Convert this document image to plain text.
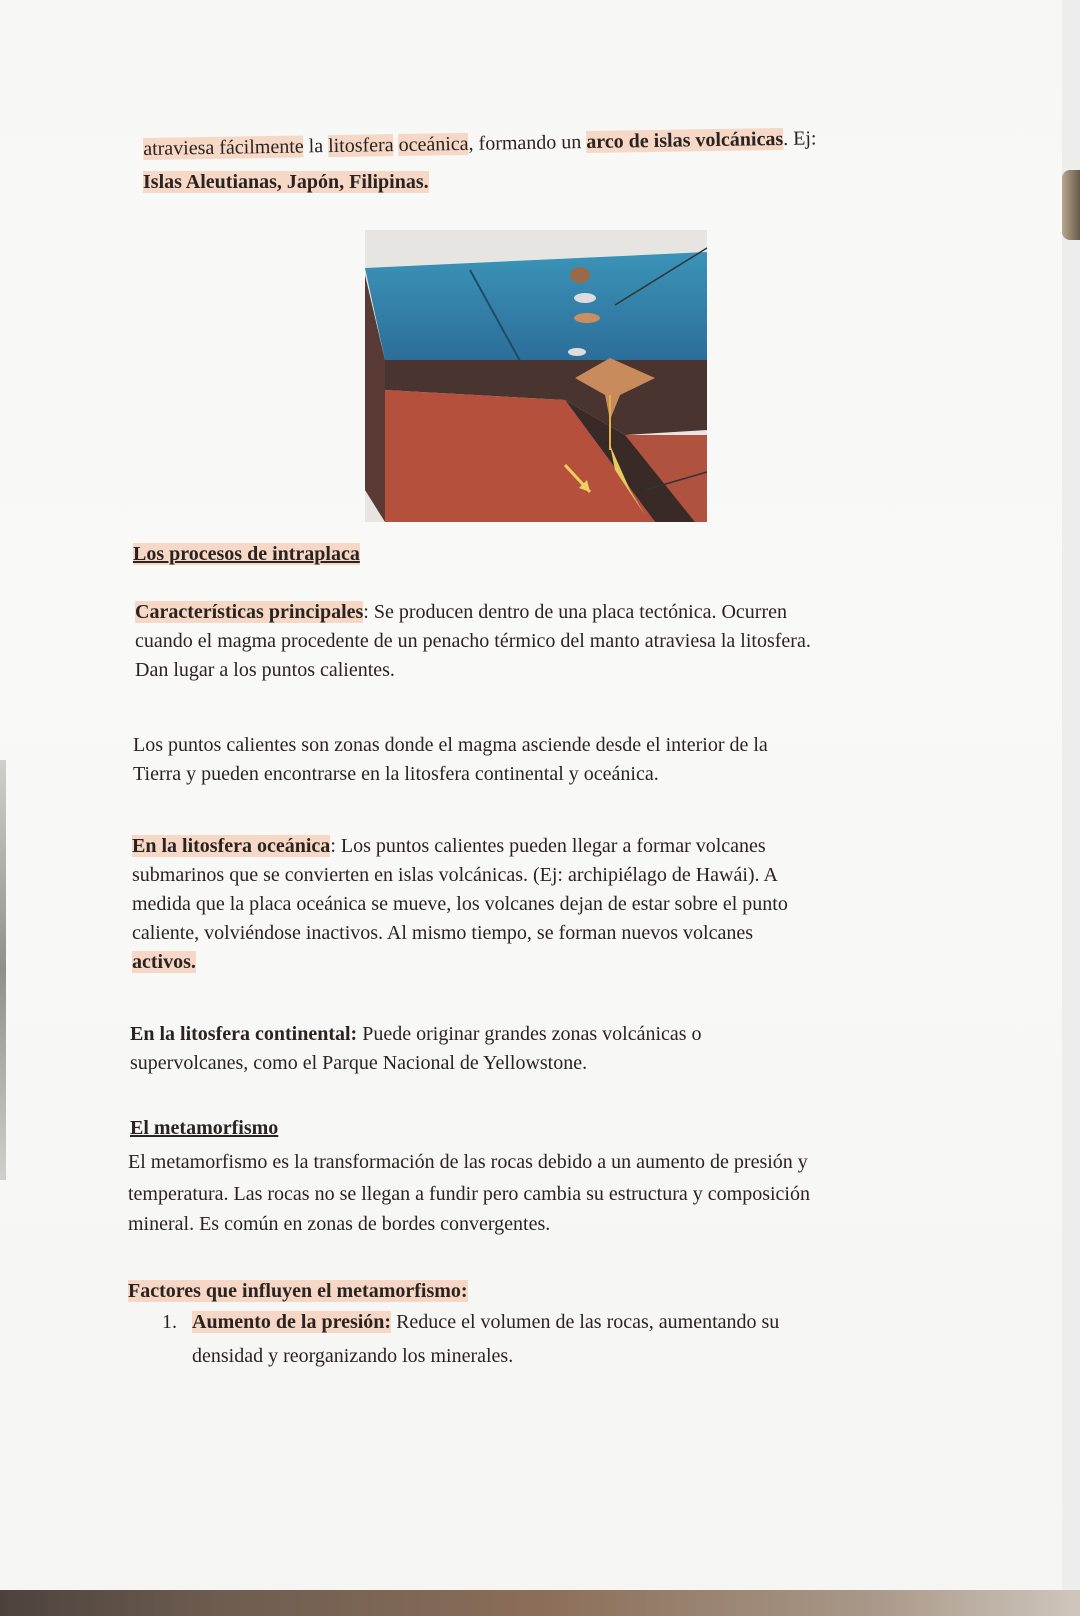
atraviesa fácilmente la litosfera oceánica, formando un arco de islas volcánicas. Ej:
Islas Aleutianas, Japón, Filipinas.
Los procesos de intraplaca
Características principales: Se producen dentro de una placa tectónica. Ocurren
cuando el magma procedente de un penacho térmico del manto atraviesa la litosfera.
Dan lugar a los puntos calientes.
Los puntos calientes son zonas donde el magma asciende desde el interior de la
Tierra y pueden encontrarse en la litosfera continental y oceánica.
En la litosfera oceánica: Los puntos calientes pueden llegar a formar volcanes
submarinos que se convierten en islas volcánicas. (Ej: archipiélago de Hawái). A
medida que la placa oceánica se mueve, los volcanes dejan de estar sobre el punto
caliente, volviéndose inactivos. Al mismo tiempo, se forman nuevos volcanes
activos.
En la litosfera continental: Puede originar grandes zonas volcánicas o
supervolcanes, como el Parque Nacional de Yellowstone.
El metamorfismo
El metamorfismo es la transformación de las rocas debido a un aumento de presión y
temperatura. Las rocas no se llegan a fundir pero cambia su estructura y composición
mineral. Es común en zonas de bordes convergentes.
Factores que influyen el metamorfismo:
1. Aumento de la presión: Reduce el volumen de las rocas, aumentando su
densidad y reorganizando los minerales.
